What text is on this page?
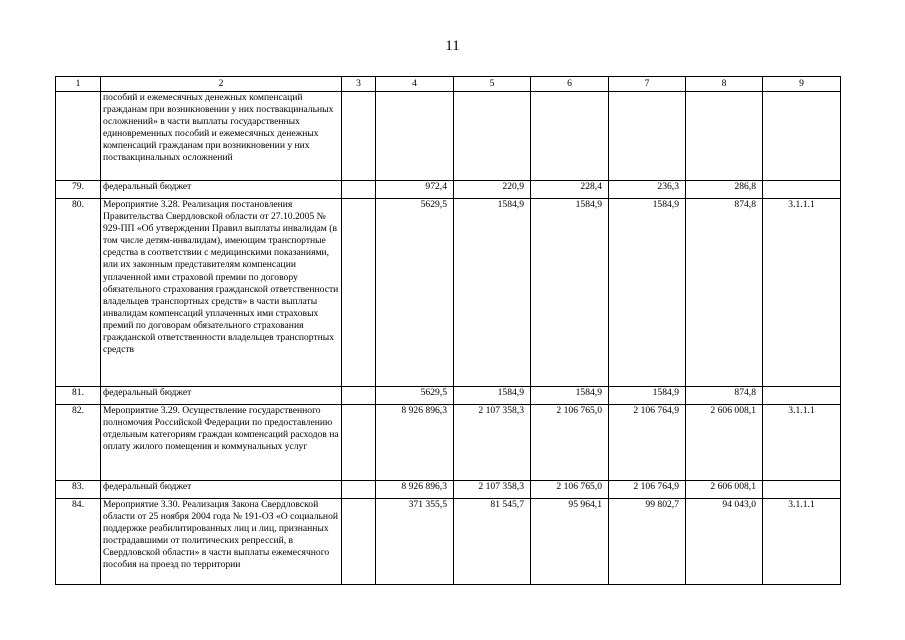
11
1	2	3	4	5	6	7	8	9
	пособий и ежемесячных денежных компенсаций гражданам при возникновении у них поствакцинальных осложнений» в части выплаты государственных единовременных пособий и ежемесячных денежных компенсаций гражданам при возникновении у них поствакцинальных осложнений							
79.	федеральный бюджет		972,4	220,9	228,4	236,3	286,8	
80.	Мероприятие 3.28. Реализация постановления Правительства Свердловской области от 27.10.2005 № 929-ПП «Об утверждении Правил выплаты инвалидам (в том числе детям-инвалидам), имеющим транспортные средства в соответствии с медицинскими показаниями, или их законным представителям компенсации уплаченной ими страховой премии по договору обязательного страхования гражданской ответственности владельцев транспортных средств» в части выплаты инвалидам компенсаций уплаченных ими страховых премий по договорам обязательного страхования гражданской ответственности владельцев транспортных средств		5629,5	1584,9	1584,9	1584,9	874,8	3.1.1.1
81.	федеральный бюджет		5629,5	1584,9	1584,9	1584,9	874,8	
82.	Мероприятие 3.29. Осуществление государственного полномочия Российской Федерации по предоставлению отдельным категориям граждан компенсаций расходов на оплату жилого помещения и коммунальных услуг		8 926 896,3	2 107 358,3	2 106 765,0	2 106 764,9	2 606 008,1	3.1.1.1
83.	федеральный бюджет		8 926 896,3	2 107 358,3	2 106 765,0	2 106 764,9	2 606 008,1	
84.	Мероприятие 3.30. Реализация Закона Свердловской области от 25 ноября 2004 года № 191-ОЗ «О социальной поддержке реабилитированных лиц и лиц, признанных пострадавшими от политических репрессий, в Свердловской области» в части выплаты ежемесячного пособия на проезд по территории		371 355,5	81 545,7	95 964,1	99 802,7	94 043,0	3.1.1.1
